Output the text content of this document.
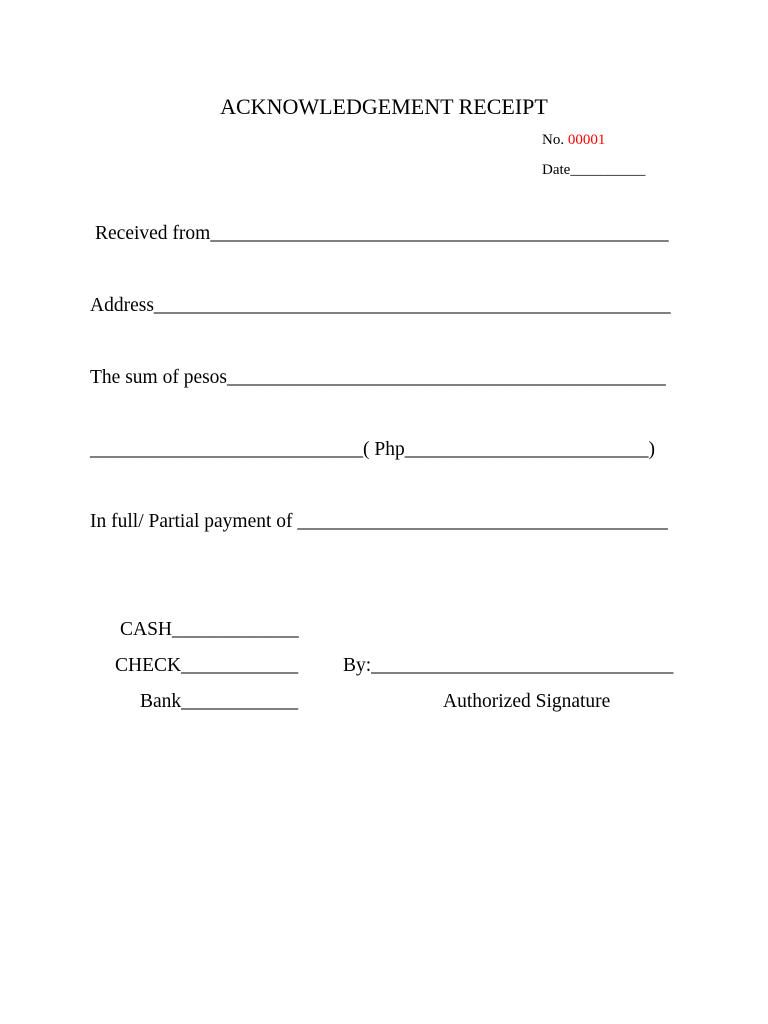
ACKNOWLEDGEMENT RECEIPT
No. 00001
Date__________
Received from_______________________________________________
Address_____________________________________________________
The sum of pesos_____________________________________________
____________________________( Php_________________________)
In full/ Partial payment of ______________________________________
CASH_____________
CHECK____________ By:_______________________________
Bank____________	Authorized Signature
